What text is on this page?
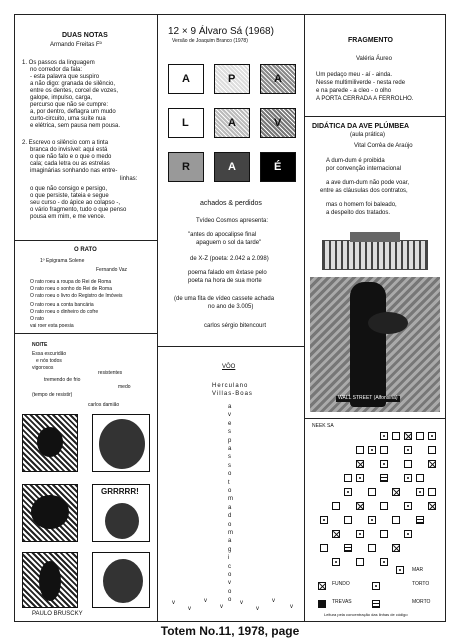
DUAS NOTAS
Armando Freitas Fº
O RATO
1º Epigrama Solene
Fernando Vaz
NOITE
Essa escuridão
e nós todos
vigorosos
resistentes
tremendo de frio
medo
(tempo de resistir)
carlos damião
GRRRRR!
PAULO BRUSCKY
12 × 9 Álvaro Sá (1968)
Versão de Joaquim Branco (1978)
achados & perdidos
carlos sérgio bitencourt
VÔO
Herculano
Villas-Boas
FRAGMENTO
Valéria Áureo
DIDÁTICA DA AVE PLÚMBEA
(aula prática)
Vital Corrêa de Araújo
WALL STREET (Alfonsina)
NEEK SA
Leitura pela concentração das linhas de código
Totem No.11, 1978, page
1. Os passos da linguagem
no corredor da fala:
- esta palavra que suspiro
a não digo: granada de silêncio,
entre os dentes, corcel de vozes,
galope, impulso, carga,
percurso que não se cumpre:
a, por dentro, deflagra um mudo
curto-circuito, uma suíte nua
e elétrica, sem pausa nem pousa.
2. Escrevo o silêncio com a tinta
branca do invisível: aqui está
o que não falo e o que o medo
cala; cada letra ou as estrelas
imaginárias sonhando nas entre-
linhas:
o que não consigo e persigo,
o que persiste, tateia e segue
seu curso - do ápice ao colapso -,
o vário fragmento, tudo o que penso
pousa em mim, e me vence.
O rato roeu a roupa do Rei de Roma
O rato roeu o sonho do Rei de Roma
O rato roeu o livro do Registro de Imóveis
O rato roeu a conta bancária
O rato roeu o dinheiro do cofre
O rato
vai roer esta poesia
A	P	A
L	A	V
R	A	É
Tvídeo Cosmos apresenta:
"antes do apocalipse final
apaguem o sol da tarde"
de X-Z (poeta: 2.042 a 2.098)
poema falado em êxtase pelo
poeta na hora de sua morte
(de uma fita de vídeo cassete achada
no ano de 3.005)
a
v
e
s
p
a
s
s
o
t
o
m
a
d
o
m
a
g
i
c
o
v
o
o
v
v
v
v
v
v
v
v
Um pedaço meu - aí - ainda.
Nesse multimiliverde - nesta rede
e na parede - a cleo - o olho
A PORTA CERRADA A FERROLHO.
A dum-dum é proibida
por convenção internacional
a ave dum-dum não pode voar,
entre as cláusulas dos contratos,
mas o homem foi baleado,
a despeito dos tratados.
FUNDO	TORTO
TREVAS	MORTO
MAR
